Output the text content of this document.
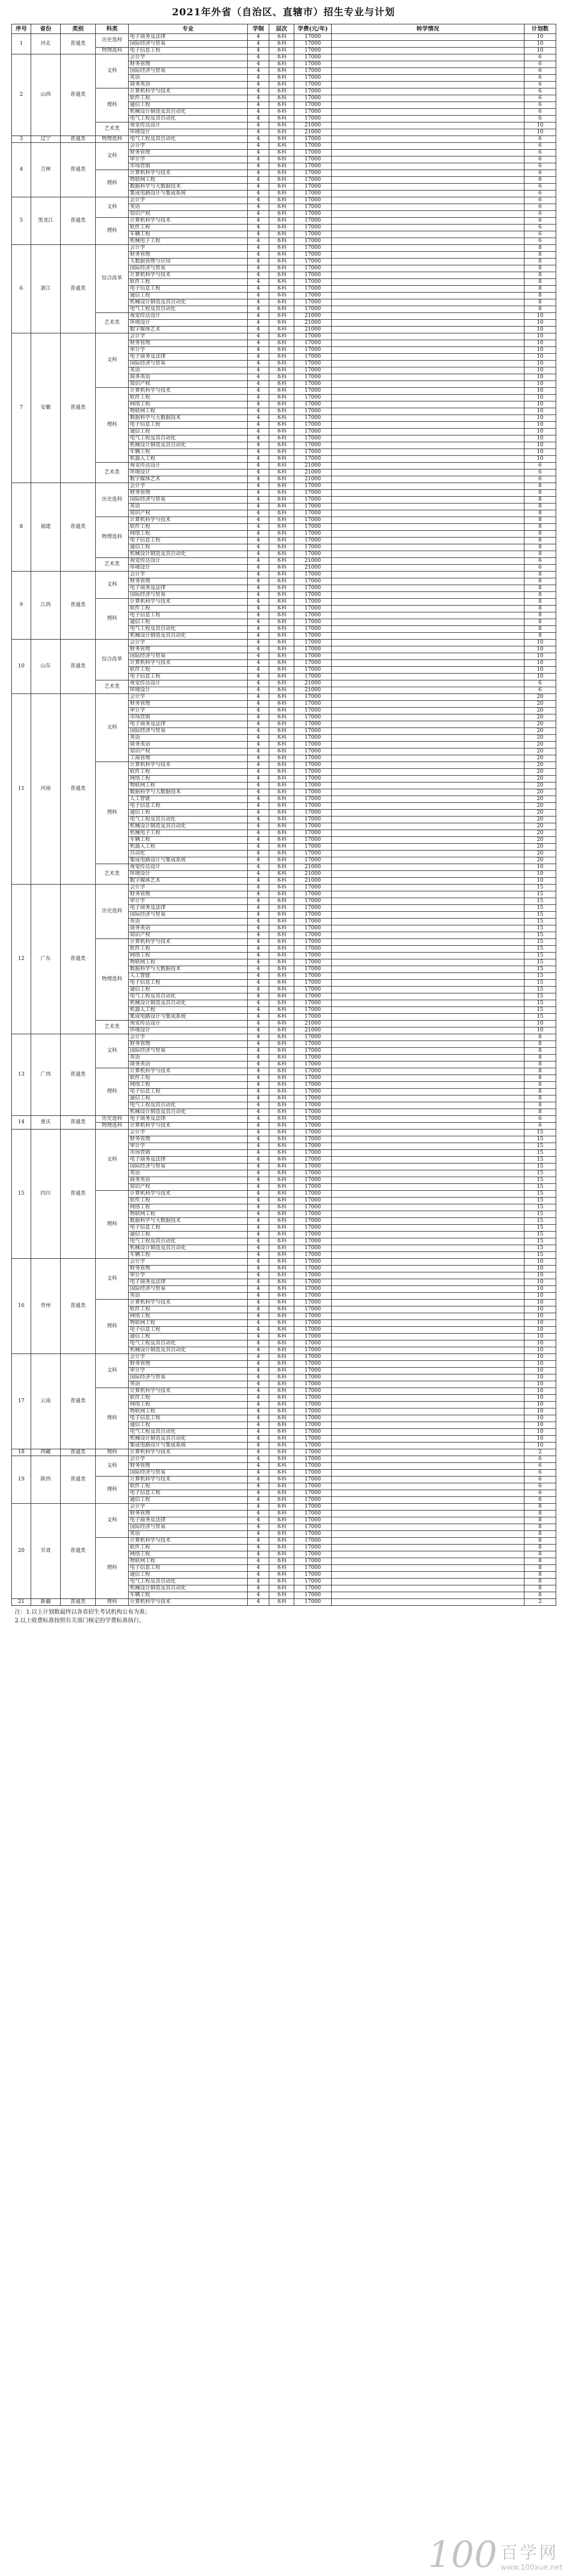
2021年外省（自治区、直辖市）招生专业与计划
序号	省份	类别	科类	专业	学制	层次	学费(元/年)	转学情况	计划数
1	河北	普通类	历史选科	电子商务及法律	4	本科	17000		10
				国际经济与贸易	4	本科	17000		10
			物理选科	电子信息工程	4	本科	17000		10
2	山西	普通类	文科	会计学	4	本科	17000		6
				财务管理	4	本科	17000		6
				国际经济与贸易	4	本科	17000		6
				英语	4	本科	17000		6
				商务英语	4	本科	17000		6
			理科	计算机科学与技术	4	本科	17000		6
				软件工程	4	本科	17000		6
				通信工程	4	本科	17000		6
				机械设计制造及其自动化	4	本科	17000		6
				电气工程及其自动化	4	本科	17000		6
			艺术类	视觉传达设计	4	本科	21000		10
				环境设计	4	本科	21000		10
3	辽宁	普通类	物理选科	电气工程及其自动化	4	本科	17000		6
4	吉林	普通类	文科	会计学	4	本科	17000		6
				财务管理	4	本科	17000		6
				审计学	4	本科	17000		6
				市场营销	4	本科	17000		6
			理科	计算机科学与技术	4	本科	17000		6
				物联网工程	4	本科	17000		6
				数据科学与大数据技术	4	本科	17000		6
				集成电路设计与集成系统	4	本科	17000		6
5	黑龙江	普通类	文科	会计学	4	本科	17000		6
				英语	4	本科	17000		6
				知识产权	4	本科	17000		6
			理科	计算机科学与技术	4	本科	17000		6
				软件工程	4	本科	17000		6
				车辆工程	4	本科	17000		6
				机械电子工程	4	本科	17000		6
6	浙江	普通类	综合改革	会计学	4	本科	17000		8
				财务管理	4	本科	17000		8
				大数据管理与应用	4	本科	17000		8
				国际经济与贸易	4	本科	17000		8
				计算机科学与技术	4	本科	17000		8
				软件工程	4	本科	17000		8
				电子信息工程	4	本科	17000		8
				通信工程	4	本科	17000		8
				机械设计制造及其自动化	4	本科	17000		8
				电气工程及其自动化	4	本科	17000		8
			艺术类	视觉传达设计	4	本科	21000		10
				环境设计	4	本科	21000		10
				数字媒体艺术	4	本科	21000		10
7	安徽	普通类	文科	会计学	4	本科	17000		10
				财务管理	4	本科	17000		10
				审计学	4	本科	17000		10
				电子商务及法律	4	本科	17000		10
				国际经济与贸易	4	本科	17000		10
				英语	4	本科	17000		10
				商务英语	4	本科	17000		10
				知识产权	4	本科	17000		10
			理科	计算机科学与技术	4	本科	17000		10
				软件工程	4	本科	17000		10
				网络工程	4	本科	17000		10
				物联网工程	4	本科	17000		10
				数据科学与大数据技术	4	本科	17000		10
				电子信息工程	4	本科	17000		10
				通信工程	4	本科	17000		10
				电气工程及其自动化	4	本科	17000		10
				机械设计制造及其自动化	4	本科	17000		10
				车辆工程	4	本科	17000		10
				机器人工程	4	本科	17000		10
			艺术类	视觉传达设计	4	本科	21000		6
				环境设计	4	本科	21000		6
				数字媒体艺术	4	本科	21000		6
8	福建	普通类	历史选科	会计学	4	本科	17000		8
				财务管理	4	本科	17000		8
				国际经济与贸易	4	本科	17000		8
				英语	4	本科	17000		8
				知识产权	4	本科	17000		8
			物理选科	计算机科学与技术	4	本科	17000		8
				软件工程	4	本科	17000		8
				网络工程	4	本科	17000		8
				电子信息工程	4	本科	17000		8
				通信工程	4	本科	17000		8
				机械设计制造及其自动化	4	本科	17000		8
			艺术类	视觉传达设计	4	本科	21000		6
				环境设计	4	本科	21000		6
9	江西	普通类	文科	会计学	4	本科	17000		8
				财务管理	4	本科	17000		8
				电子商务及法律	4	本科	17000		8
				国际经济与贸易	4	本科	17000		8
			理科	计算机科学与技术	4	本科	17000		8
				软件工程	4	本科	17000		8
				电子信息工程	4	本科	17000		8
				通信工程	4	本科	17000		8
				电气工程及其自动化	4	本科	17000		8
				机械设计制造及其自动化	4	本科	17000		8
10	山东	普通类	综合改革	会计学	4	本科	17000		10
				财务管理	4	本科	17000		10
				国际经济与贸易	4	本科	17000		10
				计算机科学与技术	4	本科	17000		10
				软件工程	4	本科	17000		10
				电子信息工程	4	本科	17000		10
			艺术类	视觉传达设计	4	本科	21000		6
				环境设计	4	本科	21000		6
11	河南	普通类	文科	会计学	4	本科	17000		20
				财务管理	4	本科	17000		20
				审计学	4	本科	17000		20
				市场营销	4	本科	17000		20
				电子商务及法律	4	本科	17000		20
				国际经济与贸易	4	本科	17000		20
				英语	4	本科	17000		20
				商务英语	4	本科	17000		20
				知识产权	4	本科	17000		20
				工商管理	4	本科	17000		20
			理科	计算机科学与技术	4	本科	17000		20
				软件工程	4	本科	17000		20
				网络工程	4	本科	17000		20
				物联网工程	4	本科	17000		20
				数据科学与大数据技术	4	本科	17000		20
				人工智能	4	本科	17000		20
				电子信息工程	4	本科	17000		20
				通信工程	4	本科	17000		20
				电气工程及其自动化	4	本科	17000		20
				机械设计制造及其自动化	4	本科	17000		20
				机械电子工程	4	本科	17000		20
				车辆工程	4	本科	17000		20
				机器人工程	4	本科	17000		20
				自动化	4	本科	17000		20
				集成电路设计与集成系统	4	本科	17000		20
			艺术类	视觉传达设计	4	本科	21000		10
				环境设计	4	本科	21000		10
				数字媒体艺术	4	本科	21000		10
12	广东	普通类	历史选科	会计学	4	本科	17000		15
				财务管理	4	本科	17000		15
				审计学	4	本科	17000		15
				电子商务及法律	4	本科	17000		15
				国际经济与贸易	4	本科	17000		15
				英语	4	本科	17000		15
				商务英语	4	本科	17000		15
				知识产权	4	本科	17000		15
			物理选科	计算机科学与技术	4	本科	17000		15
				软件工程	4	本科	17000		15
				网络工程	4	本科	17000		15
				物联网工程	4	本科	17000		15
				数据科学与大数据技术	4	本科	17000		15
				人工智能	4	本科	17000		15
				电子信息工程	4	本科	17000		15
				通信工程	4	本科	17000		15
				电气工程及其自动化	4	本科	17000		15
				机械设计制造及其自动化	4	本科	17000		15
				机器人工程	4	本科	17000		15
				集成电路设计与集成系统	4	本科	17000		15
			艺术类	视觉传达设计	4	本科	21000		10
				环境设计	4	本科	21000		10
13	广西	普通类	文科	会计学	4	本科	17000		8
				财务管理	4	本科	17000		8
				国际经济与贸易	4	本科	17000		8
				英语	4	本科	17000		8
				商务英语	4	本科	17000		8
			理科	计算机科学与技术	4	本科	17000		8
				软件工程	4	本科	17000		8
				网络工程	4	本科	17000		8
				电子信息工程	4	本科	17000		8
				通信工程	4	本科	17000		8
				电气工程及其自动化	4	本科	17000		8
				机械设计制造及其自动化	4	本科	17000		8
14	重庆	普通类	历史选科	电子商务及法律	4	本科	17000		6
			物理选科	计算机科学与技术	4	本科	17000		6
15	四川	普通类	文科	会计学	4	本科	17000		15
				财务管理	4	本科	17000		15
				审计学	4	本科	17000		15
				市场营销	4	本科	17000		15
				电子商务及法律	4	本科	17000		15
				国际经济与贸易	4	本科	17000		15
				英语	4	本科	17000		15
				商务英语	4	本科	17000		15
				知识产权	4	本科	17000		15
			理科	计算机科学与技术	4	本科	17000		15
				软件工程	4	本科	17000		15
				网络工程	4	本科	17000		15
				物联网工程	4	本科	17000		15
				数据科学与大数据技术	4	本科	17000		15
				电子信息工程	4	本科	17000		15
				通信工程	4	本科	17000		15
				电气工程及其自动化	4	本科	17000		15
				机械设计制造及其自动化	4	本科	17000		15
				车辆工程	4	本科	17000		15
16	贵州	普通类	文科	会计学	4	本科	17000		10
				财务管理	4	本科	17000		10
				审计学	4	本科	17000		10
				电子商务及法律	4	本科	17000		10
				国际经济与贸易	4	本科	17000		10
				英语	4	本科	17000		10
			理科	计算机科学与技术	4	本科	17000		10
				软件工程	4	本科	17000		10
				网络工程	4	本科	17000		10
				物联网工程	4	本科	17000		10
				电子信息工程	4	本科	17000		10
				通信工程	4	本科	17000		10
				电气工程及其自动化	4	本科	17000		10
				机械设计制造及其自动化	4	本科	17000		10
17	云南	普通类	文科	会计学	4	本科	17000		10
				财务管理	4	本科	17000		10
				审计学	4	本科	17000		10
				国际经济与贸易	4	本科	17000		10
				英语	4	本科	17000		10
			理科	计算机科学与技术	4	本科	17000		10
				软件工程	4	本科	17000		10
				网络工程	4	本科	17000		10
				物联网工程	4	本科	17000		10
				电子信息工程	4	本科	17000		10
				通信工程	4	本科	17000		10
				电气工程及其自动化	4	本科	17000		10
				机械设计制造及其自动化	4	本科	17000		10
				集成电路设计与集成系统	4	本科	17000		10
18	西藏	普通类	理科	计算机科学与技术	4	本科	17000		2
19	陕西	普通类	文科	会计学	4	本科	17000		6
				财务管理	4	本科	17000		6
				国际经济与贸易	4	本科	17000		6
			理科	计算机科学与技术	4	本科	17000		6
				软件工程	4	本科	17000		6
				电子信息工程	4	本科	17000		6
				通信工程	4	本科	17000		6
20	甘肃	普通类	文科	会计学	4	本科	17000		8
				财务管理	4	本科	17000		8
				电子商务及法律	4	本科	17000		8
				国际经济与贸易	4	本科	17000		8
				英语	4	本科	17000		8
			理科	计算机科学与技术	4	本科	17000		8
				软件工程	4	本科	17000		8
				网络工程	4	本科	17000		8
				物联网工程	4	本科	17000		8
				电子信息工程	4	本科	17000		8
				通信工程	4	本科	17000		8
				电气工程及其自动化	4	本科	17000		8
				机械设计制造及其自动化	4	本科	17000		8
				车辆工程	4	本科	17000		8
21	新疆	普通类	理科	计算机科学与技术	4	本科	17000		2
注：1.以上计划数最终以各省招生考试机构公布为准；
2.以上收费标准按照有关部门核定的学费标准执行。
100 百学网
www.100xue.net
